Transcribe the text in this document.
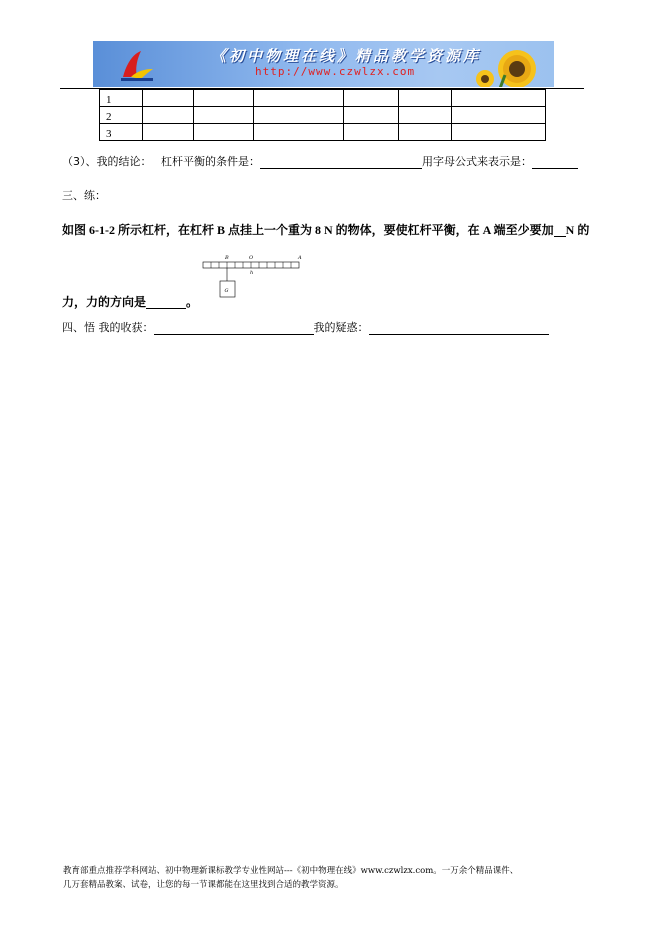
《初中物理在线》精品教学资源库
http://www.czwlzx.com
1						
2						
3						
（3）、我的结论： 杠杆平衡的条件是：	用字母公式来表示是：
三、练：
如图 6-1-2 所示杠杆，在杠杆 B 点挂上一个重为 8 N 的物体，要使杠杆平衡，在 A 端至少要加 N 的
B	O	A
h
G
力，力的方向是	。
四、悟 我的收获：	我的疑惑：
教育部重点推荐学科网站、初中物理新课标教学专业性网站---《初中物理在线》www.czwlzx.com。一万余个精品课件、
几万套精品教案、试卷，让您的每一节课都能在这里找到合适的教学资源。
